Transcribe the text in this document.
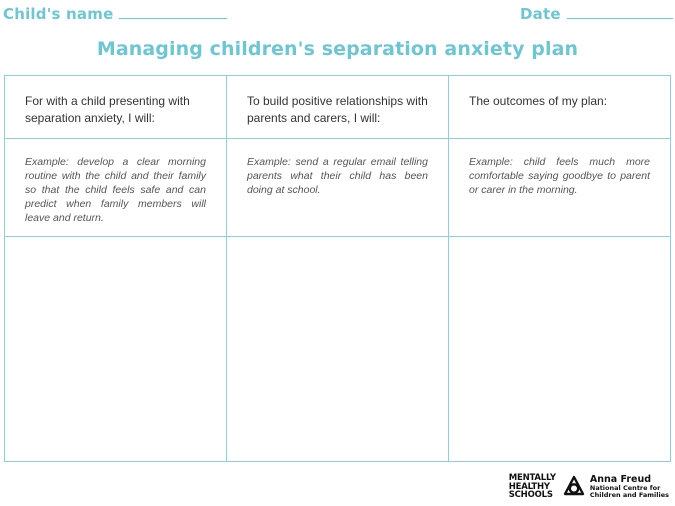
Child's name	Date
Managing children's separation anxiety plan
For with a child presenting with separation anxiety, I will:	To build positive relationships with parents and carers, I will:	The outcomes of my plan:

Example: develop a clear morning routine with the child and their family so that the child feels safe and can predict when family members will leave and return.	Example: send a regular email telling parents what their child has been doing at school.	Example: child feels much more comfortable saying goodbye to parent or carer in the morning.

MENTALLY
HEALTHY
SCHOOLS
Anna Freud
National Centre for
Children and Families
